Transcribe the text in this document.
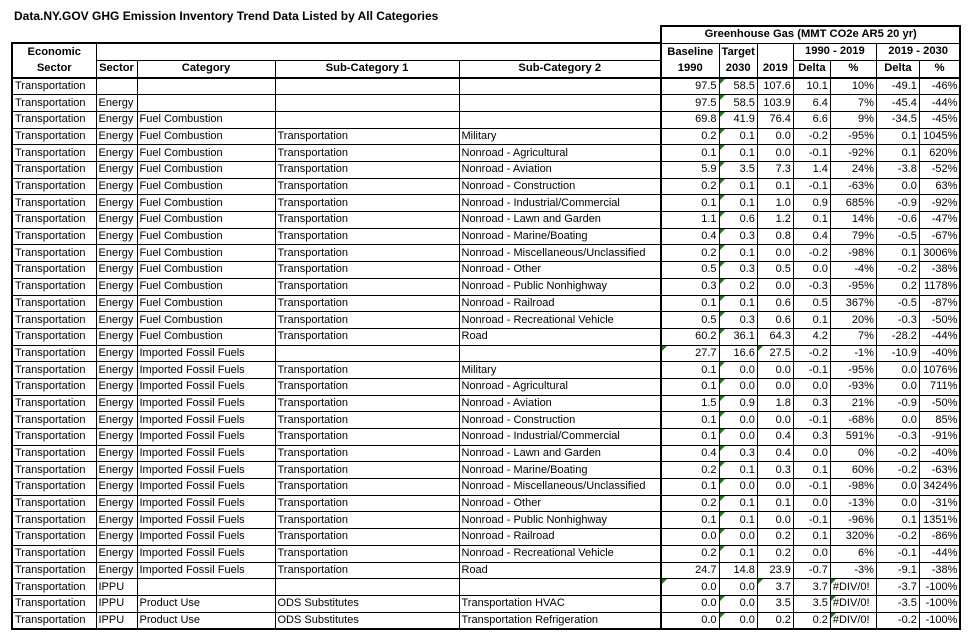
Data.NY.GOV GHG Emission Inventory Trend Data Listed by All Categories
					Greenhouse Gas (MMT CO2e AR5 20 yr)						
Economic					Baseline	Target		1990 - 2019		2019 - 2030	
Sector	Sector	Category	Sub-Category 1	Sub-Category 2	1990	2030	2019	Delta	%	Delta	%
Transportation					97.5	58.5	107.6	10.1	10%	-49.1	-46%
Transportation	Energy				97.5	58.5	103.9	6.4	7%	-45.4	-44%
Transportation	Energy	Fuel Combustion			69.8	41.9	76.4	6.6	9%	-34.5	-45%
Transportation	Energy	Fuel Combustion	Transportation	Military	0.2	0.1	0.0	-0.2	-95%	0.1	1045%
Transportation	Energy	Fuel Combustion	Transportation	Nonroad - Agricultural	0.1	0.1	0.0	-0.1	-92%	0.1	620%
Transportation	Energy	Fuel Combustion	Transportation	Nonroad - Aviation	5.9	3.5	7.3	1.4	24%	-3.8	-52%
Transportation	Energy	Fuel Combustion	Transportation	Nonroad - Construction	0.2	0.1	0.1	-0.1	-63%	0.0	63%
Transportation	Energy	Fuel Combustion	Transportation	Nonroad - Industrial/Commercial	0.1	0.1	1.0	0.9	685%	-0.9	-92%
Transportation	Energy	Fuel Combustion	Transportation	Nonroad - Lawn and Garden	1.1	0.6	1.2	0.1	14%	-0.6	-47%
Transportation	Energy	Fuel Combustion	Transportation	Nonroad - Marine/Boating	0.4	0.3	0.8	0.4	79%	-0.5	-67%
Transportation	Energy	Fuel Combustion	Transportation	Nonroad - Miscellaneous/Unclassified	0.2	0.1	0.0	-0.2	-98%	0.1	3006%
Transportation	Energy	Fuel Combustion	Transportation	Nonroad - Other	0.5	0.3	0.5	0.0	-4%	-0.2	-38%
Transportation	Energy	Fuel Combustion	Transportation	Nonroad - Public Nonhighway	0.3	0.2	0.0	-0.3	-95%	0.2	1178%
Transportation	Energy	Fuel Combustion	Transportation	Nonroad - Railroad	0.1	0.1	0.6	0.5	367%	-0.5	-87%
Transportation	Energy	Fuel Combustion	Transportation	Nonroad - Recreational Vehicle	0.5	0.3	0.6	0.1	20%	-0.3	-50%
Transportation	Energy	Fuel Combustion	Transportation	Road	60.2	36.1	64.3	4.2	7%	-28.2	-44%
Transportation	Energy	Imported Fossil Fuels			27.7	16.6	27.5	-0.2	-1%	-10.9	-40%
Transportation	Energy	Imported Fossil Fuels	Transportation	Military	0.1	0.0	0.0	-0.1	-95%	0.0	1076%
Transportation	Energy	Imported Fossil Fuels	Transportation	Nonroad - Agricultural	0.1	0.0	0.0	0.0	-93%	0.0	711%
Transportation	Energy	Imported Fossil Fuels	Transportation	Nonroad - Aviation	1.5	0.9	1.8	0.3	21%	-0.9	-50%
Transportation	Energy	Imported Fossil Fuels	Transportation	Nonroad - Construction	0.1	0.0	0.0	-0.1	-68%	0.0	85%
Transportation	Energy	Imported Fossil Fuels	Transportation	Nonroad - Industrial/Commercial	0.1	0.0	0.4	0.3	591%	-0.3	-91%
Transportation	Energy	Imported Fossil Fuels	Transportation	Nonroad - Lawn and Garden	0.4	0.3	0.4	0.0	0%	-0.2	-40%
Transportation	Energy	Imported Fossil Fuels	Transportation	Nonroad - Marine/Boating	0.2	0.1	0.3	0.1	60%	-0.2	-63%
Transportation	Energy	Imported Fossil Fuels	Transportation	Nonroad - Miscellaneous/Unclassified	0.1	0.0	0.0	-0.1	-98%	0.0	3424%
Transportation	Energy	Imported Fossil Fuels	Transportation	Nonroad - Other	0.2	0.1	0.1	0.0	-13%	0.0	-31%
Transportation	Energy	Imported Fossil Fuels	Transportation	Nonroad - Public Nonhighway	0.1	0.1	0.0	-0.1	-96%	0.1	1351%
Transportation	Energy	Imported Fossil Fuels	Transportation	Nonroad - Railroad	0.0	0.0	0.2	0.1	320%	-0.2	-86%
Transportation	Energy	Imported Fossil Fuels	Transportation	Nonroad - Recreational Vehicle	0.2	0.1	0.2	0.0	6%	-0.1	-44%
Transportation	Energy	Imported Fossil Fuels	Transportation	Road	24.7	14.8	23.9	-0.7	-3%	-9.1	-38%
Transportation	IPPU				0.0	0.0	3.7	3.7	#DIV/0!	-3.7	-100%
Transportation	IPPU	Product Use	ODS Substitutes	Transportation HVAC	0.0	0.0	3.5	3.5	#DIV/0!	-3.5	-100%
Transportation	IPPU	Product Use	ODS Substitutes	Transportation Refrigeration	0.0	0.0	0.2	0.2	#DIV/0!	-0.2	-100%
